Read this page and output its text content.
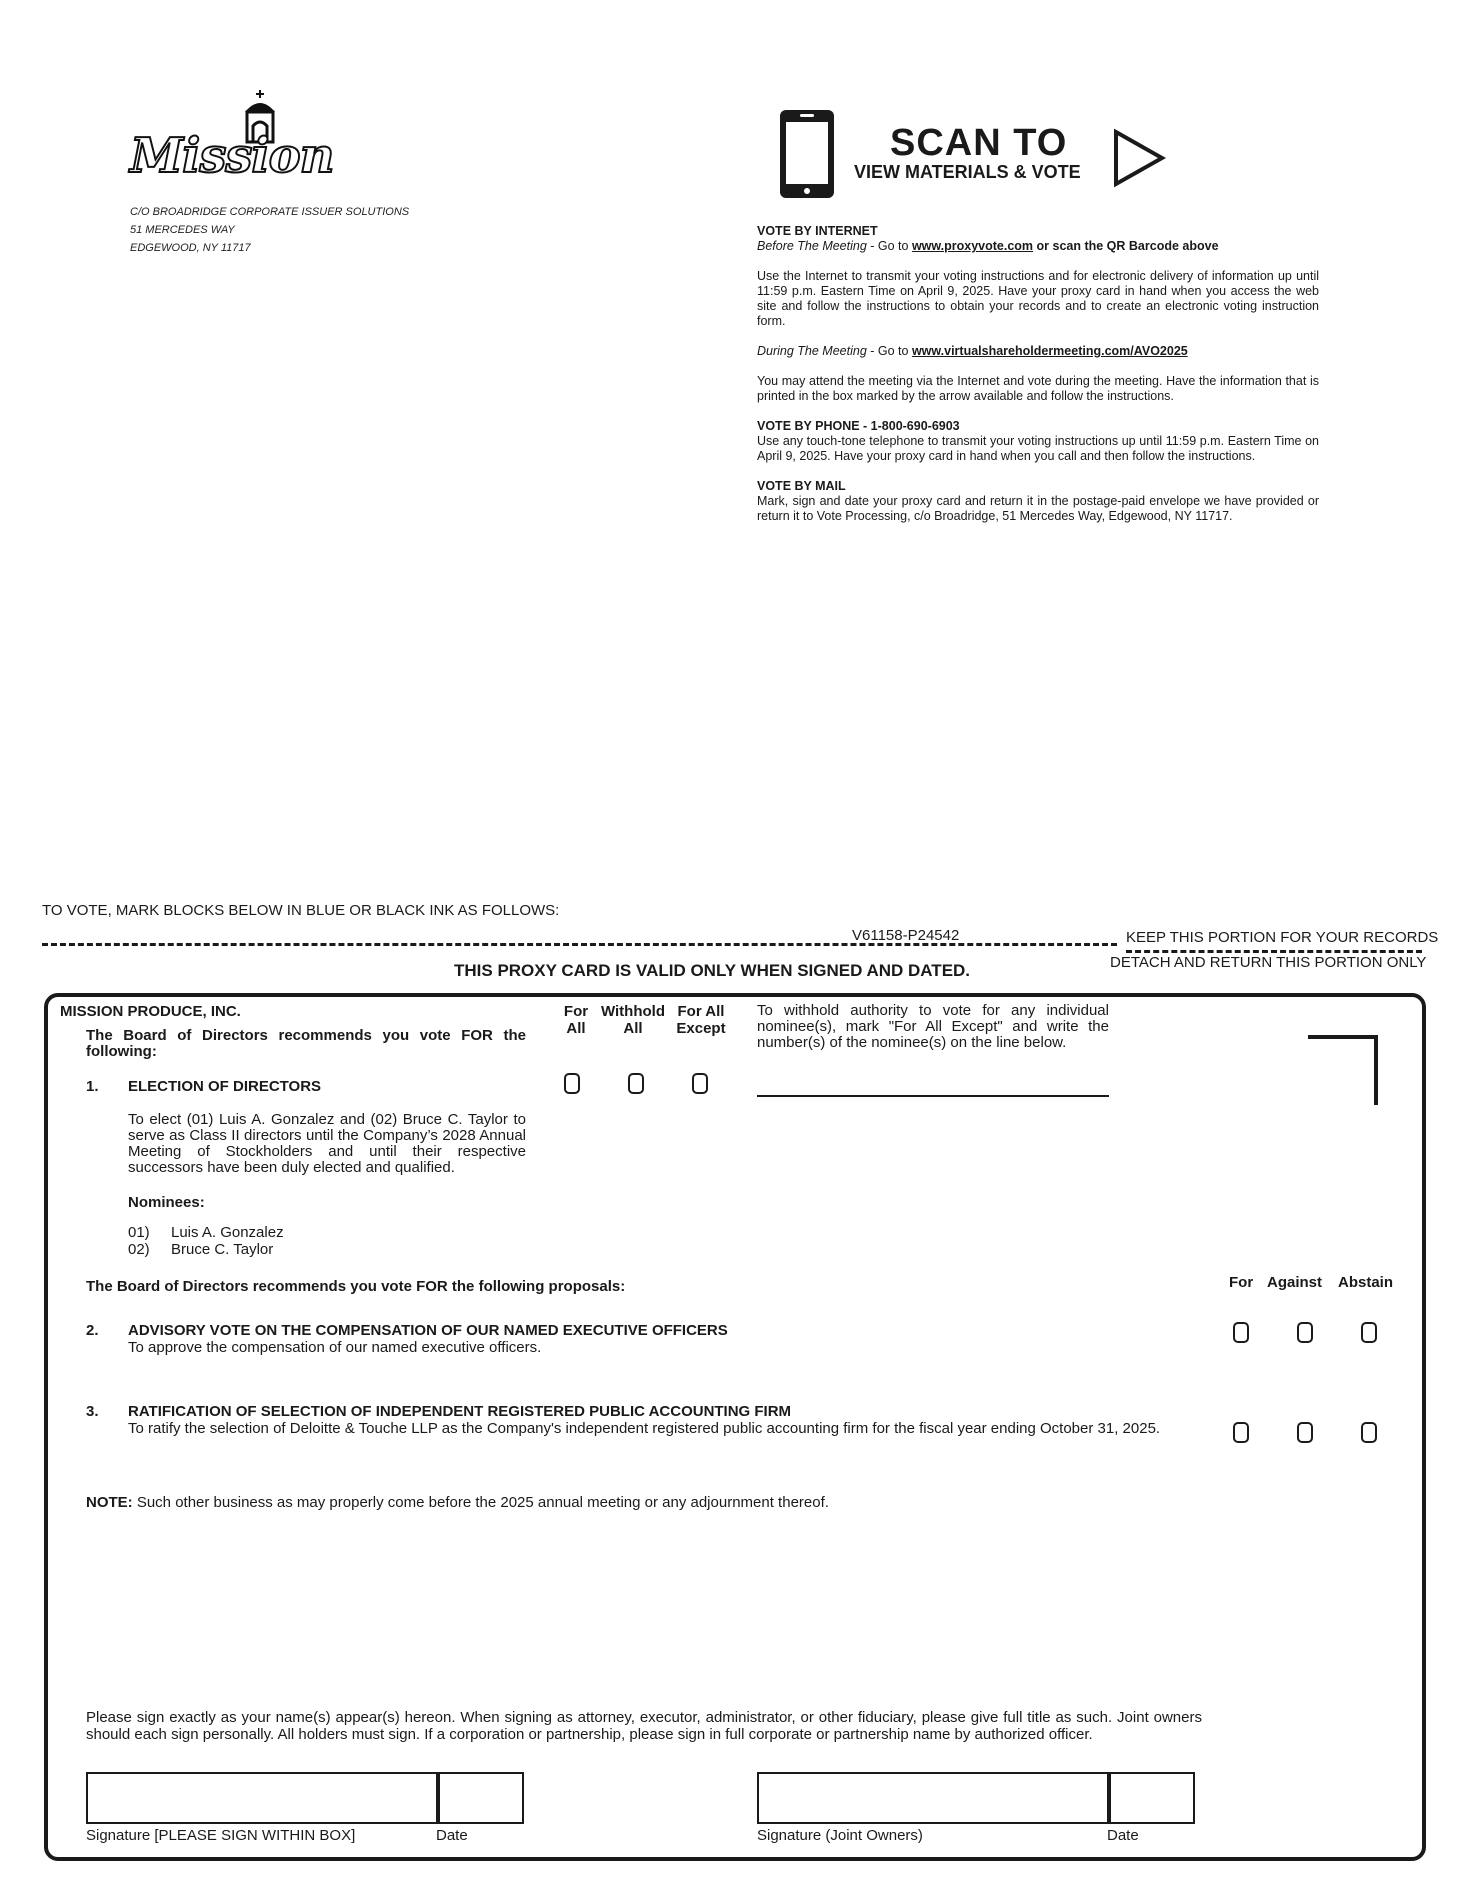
Mission
C/O BROADRIDGE CORPORATE ISSUER SOLUTIONS
51 MERCEDES WAY
EDGEWOOD, NY 11717
SCAN TO
VIEW MATERIALS & VOTE

VOTE BY INTERNET

Before The Meeting - Go to www.proxyvote.com or scan the QR Barcode above

Use the Internet to transmit your voting instructions and for electronic delivery of information up until 11:59 p.m. Eastern Time on April 9, 2025. Have your proxy card in hand when you access the web site and follow the instructions to obtain your records and to create an electronic voting instruction form.

During The Meeting - Go to www.virtualshareholdermeeting.com/AVO2025

You may attend the meeting via the Internet and vote during the meeting. Have the information that is printed in the box marked by the arrow available and follow the instructions.

VOTE BY PHONE - 1-800-690-6903

Use any touch-tone telephone to transmit your voting instructions up until 11:59 p.m. Eastern Time on April 9, 2025. Have your proxy card in hand when you call and then follow the instructions.

VOTE BY MAIL

Mark, sign and date your proxy card and return it in the postage-paid envelope we have provided or return it to Vote Processing, c/o Broadridge, 51 Mercedes Way, Edgewood, NY 11717.

TO VOTE, MARK BLOCKS BELOW IN BLUE OR BLACK INK AS FOLLOWS:
V61158-P24542	KEEP THIS PORTION FOR YOUR RECORDS
DETACH AND RETURN THIS PORTION ONLY
THIS PROXY CARD IS VALID ONLY WHEN SIGNED AND DATED.
MISSION PRODUCE, INC.
The Board of Directors recommends you vote FOR the following:
For
All
Withhold
All
For All
Except
To withhold authority to vote for any individual nominee(s), mark "For All Except" and write the number(s) of the nominee(s) on the line below.
1. ELECTION OF DIRECTORS
To elect (01) Luis A. Gonzalez and (02) Bruce C. Taylor to serve as Class II directors until the Company’s 2028 Annual Meeting of Stockholders and until their respective successors have been duly elected and qualified.
Nominees:
01) Luis A. Gonzalez
02) Bruce C. Taylor
The Board of Directors recommends you vote FOR the following proposals:	For Against Abstain
2. ADVISORY VOTE ON THE COMPENSATION OF OUR NAMED EXECUTIVE OFFICERS
To approve the compensation of our named executive officers.
3. RATIFICATION OF SELECTION OF INDEPENDENT REGISTERED PUBLIC ACCOUNTING FIRM
To ratify the selection of Deloitte & Touche LLP as the Company's independent registered public accounting firm for the fiscal year ending October 31, 2025.
NOTE: Such other business as may properly come before the 2025 annual meeting or any adjournment thereof.
Please sign exactly as your name(s) appear(s) hereon. When signing as attorney, executor, administrator, or other fiduciary, please give full title as such. Joint owners should each sign personally. All holders must sign. If a corporation or partnership, please sign in full corporate or partnership name by authorized officer.
Signature [PLEASE SIGN WITHIN BOX]	Date	Signature (Joint Owners)	Date
